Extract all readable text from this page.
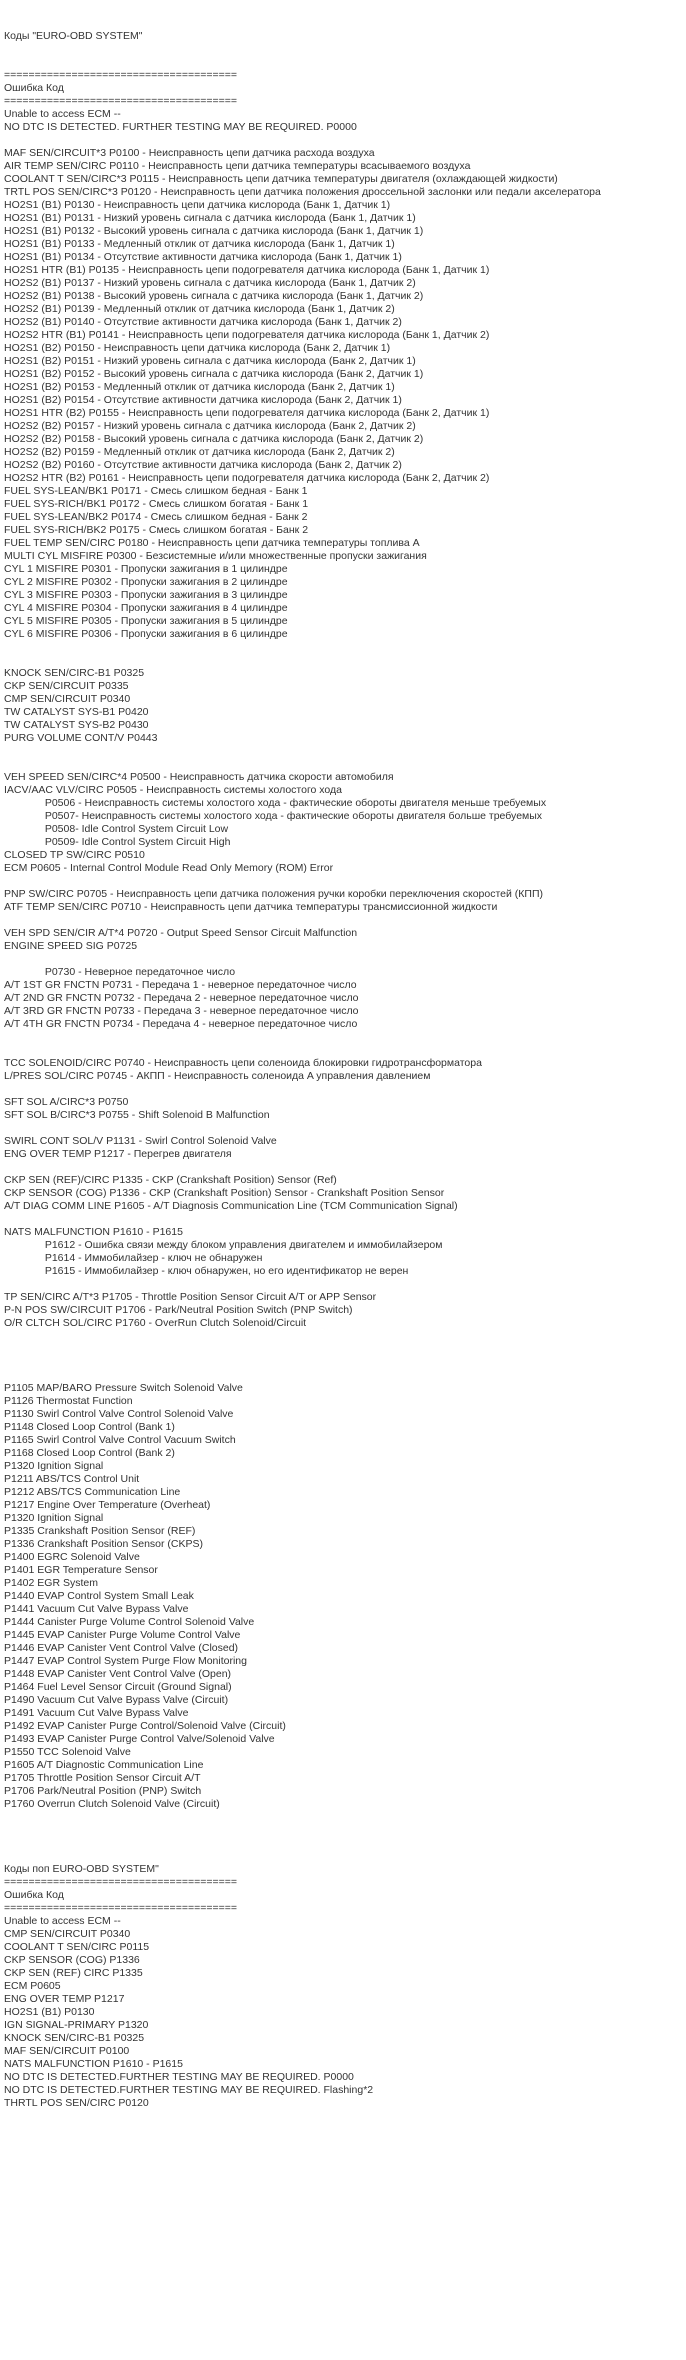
Коды "EURO-OBD SYSTEM"
======================================
Ошибка Код
======================================
Unable to access ECM --
NO DTC IS DETECTED. FURTHER TESTING MAY BE REQUIRED. P0000
MAF SEN/CIRCUIT*3 P0100 - Неисправность цепи датчика расхода воздуха
AIR TEMP SEN/CIRC P0110 - Неисправность цепи датчика температуры всасываемого воздуха
COOLANT T SEN/CIRC*3 P0115 - Неисправность цепи датчика температуры двигателя (охлаждающей жидкости)
TRTL POS SEN/CIRC*3 P0120 - Неисправность цепи датчика положения дроссельной заслонки или педали акселератора
HO2S1 (B1) P0130 - Неисправность цепи датчика кислорода (Банк 1, Датчик 1)
HO2S1 (B1) P0131 - Низкий уровень сигнала с датчика кислорода (Банк 1, Датчик 1)
HO2S1 (B1) P0132 - Высокий уровень сигнала с датчика кислорода (Банк 1, Датчик 1)
HO2S1 (B1) P0133 - Медленный отклик от датчика кислорода (Банк 1, Датчик 1)
HO2S1 (B1) P0134 - Отсутствие активности датчика кислорода (Банк 1, Датчик 1)
HO2S1 HTR (B1) P0135 - Неисправность цепи подогревателя датчика кислорода (Банк 1, Датчик 1)
HO2S2 (B1) P0137 - Низкий уровень сигнала с датчика кислорода (Банк 1, Датчик 2)
HO2S2 (B1) P0138 - Высокий уровень сигнала с датчика кислорода (Банк 1, Датчик 2)
HO2S2 (B1) P0139 - Медленный отклик от датчика кислорода (Банк 1, Датчик 2)
HO2S2 (B1) P0140 - Отсутствие активности датчика кислорода (Банк 1, Датчик 2)
HO2S2 HTR (B1) P0141 - Неисправность цепи подогревателя датчика кислорода (Банк 1, Датчик 2)
HO2S1 (B2) P0150 - Неисправность цепи датчика кислорода (Банк 2, Датчик 1)
HO2S1 (B2) P0151 - Низкий уровень сигнала с датчика кислорода (Банк 2, Датчик 1)
HO2S1 (B2) P0152 - Высокий уровень сигнала с датчика кислорода (Банк 2, Датчик 1)
HO2S1 (B2) P0153 - Медленный отклик от датчика кислорода (Банк 2, Датчик 1)
HO2S1 (B2) P0154 - Отсутствие активности датчика кислорода (Банк 2, Датчик 1)
HO2S1 HTR (B2) P0155 - Неисправность цепи подогревателя датчика кислорода (Банк 2, Датчик 1)
HO2S2 (B2) P0157 - Низкий уровень сигнала с датчика кислорода (Банк 2, Датчик 2)
HO2S2 (B2) P0158 - Высокий уровень сигнала с датчика кислорода (Банк 2, Датчик 2)
HO2S2 (B2) P0159 - Медленный отклик от датчика кислорода (Банк 2, Датчик 2)
HO2S2 (B2) P0160 - Отсутствие активности датчика кислорода (Банк 2, Датчик 2)
HO2S2 HTR (B2) P0161 - Неисправность цепи подогревателя датчика кислорода (Банк 2, Датчик 2)
FUEL SYS-LEAN/BK1 P0171 - Смесь слишком бедная - Банк 1
FUEL SYS-RICH/BK1 P0172 - Смесь слишком богатая - Банк 1
FUEL SYS-LEAN/BK2 P0174 - Смесь слишком бедная - Банк 2
FUEL SYS-RICH/BK2 P0175 - Смесь слишком богатая - Банк 2
FUEL TEMP SEN/CIRC P0180 - Неисправность цепи датчика температуры топлива A
MULTI CYL MISFIRE P0300 - Безсистемные и/или множественные пропуски зажигания
CYL 1 MISFIRE P0301 - Пропуски зажигания в 1 цилиндре
CYL 2 MISFIRE P0302 - Пропуски зажигания в 2 цилиндре
CYL 3 MISFIRE P0303 - Пропуски зажигания в 3 цилиндре
CYL 4 MISFIRE P0304 - Пропуски зажигания в 4 цилиндре
CYL 5 MISFIRE P0305 - Пропуски зажигания в 5 цилиндре
CYL 6 MISFIRE P0306 - Пропуски зажигания в 6 цилиндре
KNOCK SEN/CIRC-B1 P0325
CKP SEN/CIRCUIT P0335
CMP SEN/CIRCUIT P0340
TW CATALYST SYS-B1 P0420
TW CATALYST SYS-B2 P0430
PURG VOLUME CONT/V P0443
VEH SPEED SEN/CIRC*4 P0500 - Неисправность датчика скорости автомобиля
IACV/AAC VLV/CIRC P0505 - Неисправность системы холостого хода
P0506 - Неисправность системы холостого хода - фактические обороты двигателя меньше требуемых
P0507- Неисправность системы холостого хода - фактические обороты двигателя больше требуемых
P0508- Idle Control System Circuit Low
P0509- Idle Control System Circuit High
CLOSED TP SW/CIRC P0510
ECM P0605 - Internal Control Module Read Only Memory (ROM) Error
PNP SW/CIRC P0705 - Неисправность цепи датчика положения ручки коробки переключения скоростей (КПП)
ATF TEMP SEN/CIRC P0710 - Неисправность цепи датчика температуры трансмиссионной жидкости
VEH SPD SEN/CIR A/T*4 P0720 - Output Speed Sensor Circuit Malfunction
ENGINE SPEED SIG P0725
P0730 - Неверное передаточное число
A/T 1ST GR FNCTN P0731 - Передача 1 - неверное передаточное число
A/T 2ND GR FNCTN P0732 - Передача 2 - неверное передаточное число
A/T 3RD GR FNCTN P0733 - Передача 3 - неверное передаточное число
A/T 4TH GR FNCTN P0734 - Передача 4 - неверное передаточное число
TCC SOLENOID/CIRC P0740 - Неисправность цепи соленоида блокировки гидротрансформатора
L/PRES SOL/CIRC P0745 - АКПП - Неисправность соленоида A управления давлением
SFT SOL A/CIRC*3 P0750
SFT SOL B/CIRC*3 P0755 - Shift Solenoid B Malfunction
SWIRL CONT SOL/V P1131 - Swirl Control Solenoid Valve
ENG OVER TEMP P1217 - Перегрев двигателя
CKP SEN (REF)/CIRC P1335 - CKP (Crankshaft Position) Sensor (Ref)
CKP SENSOR (COG) P1336 - CKP (Crankshaft Position) Sensor - Crankshaft Position Sensor
A/T DIAG COMM LINE P1605 - A/T Diagnosis Communication Line (TCM Communication Signal)
NATS MALFUNCTION P1610 - P1615
P1612 - Ошибка связи между блоком управления двигателем и иммобилайзером
P1614 - Иммобилайзер - ключ не обнаружен
P1615 - Иммобилайзер - ключ обнаружен, но его идентификатор не верен
TP SEN/CIRC A/T*3 P1705 - Throttle Position Sensor Circuit A/T or APP Sensor
P-N POS SW/CIRCUIT P1706 - Park/Neutral Position Switch (PNP Switch)
O/R CLTCH SOL/CIRC P1760 - OverRun Clutch Solenoid/Circuit
P1105 MAP/BARO Pressure Switch Solenoid Valve
P1126 Thermostat Function
P1130 Swirl Control Valve Control Solenoid Valve
P1148 Closed Loop Control (Bank 1)
P1165 Swirl Control Valve Control Vacuum Switch
P1168 Closed Loop Control (Bank 2)
P1320 Ignition Signal
P1211 ABS/TCS Control Unit
P1212 ABS/TCS Communication Line
P1217 Engine Over Temperature (Overheat)
P1320 Ignition Signal
P1335 Crankshaft Position Sensor (REF)
P1336 Crankshaft Position Sensor (CKPS)
P1400 EGRC Solenoid Valve
P1401 EGR Temperature Sensor
P1402 EGR System
P1440 EVAP Control System Small Leak
P1441 Vacuum Cut Valve Bypass Valve
P1444 Canister Purge Volume Control Solenoid Valve
P1445 EVAP Canister Purge Volume Control Valve
P1446 EVAP Canister Vent Control Valve (Closed)
P1447 EVAP Control System Purge Flow Monitoring
P1448 EVAP Canister Vent Control Valve (Open)
P1464 Fuel Level Sensor Circuit (Ground Signal)
P1490 Vacuum Cut Valve Bypass Valve (Circuit)
P1491 Vacuum Cut Valve Bypass Valve
P1492 EVAP Canister Purge Control/Solenoid Valve (Circuit)
P1493 EVAP Canister Purge Control Valve/Solenoid Valve
P1550 TCC Solenoid Valve
P1605 A/T Diagnostic Communication Line
P1705 Throttle Position Sensor Circuit A/T
P1706 Park/Neutral Position (PNP) Switch
P1760 Overrun Clutch Solenoid Valve (Circuit)
Коды поп EURO-OBD SYSTEM"
======================================
Ошибка Код
======================================
Unable to access ECM --
CMP SEN/CIRCUIT P0340
COOLANT T SEN/CIRC P0115
CKP SENSOR (COG) P1336
CKP SEN (REF) CIRC P1335
ECM P0605
ENG OVER TEMP P1217
HO2S1 (B1) P0130
IGN SIGNAL-PRIMARY P1320
KNOCK SEN/CIRC-B1 P0325
MAF SEN/CIRCUIT P0100
NATS MALFUNCTION P1610 - P1615
NO DTC IS DETECTED.FURTHER TESTING MAY BE REQUIRED. P0000
NO DTC IS DETECTED.FURTHER TESTING MAY BE REQUIRED. Flashing*2
THRTL POS SEN/CIRC P0120
